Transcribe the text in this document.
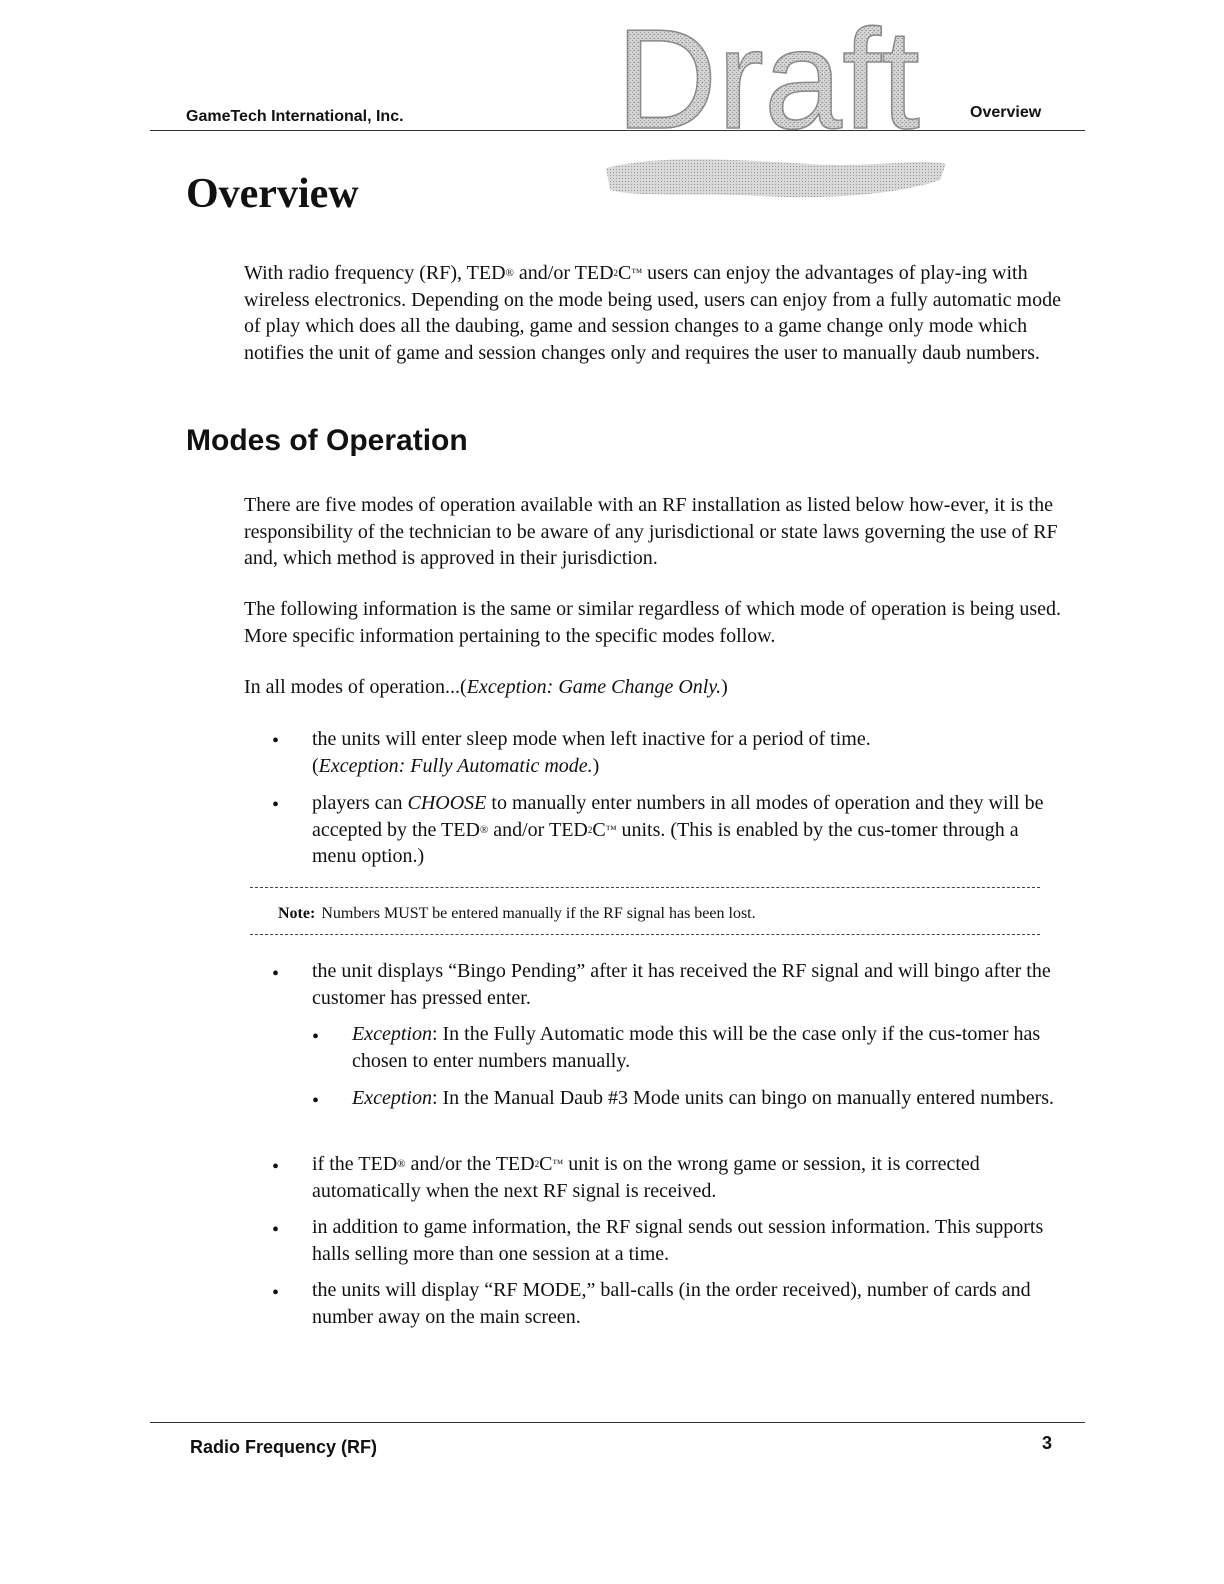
GameTech International, Inc.	Overview
Draft
Overview

With radio frequency (RF), TED® and/or TED$^2$C™ users can enjoy the advantages of play-ing with wireless electronics. Depending on the mode being used, users can enjoy from a fully automatic mode of play which does all the daubing, game and session changes to a game change only mode which notifies the unit of game and session changes only and requires the user to manually daub numbers.

Modes of Operation

There are five modes of operation available with an RF installation as listed below how-ever, it is the responsibility of the technician to be aware of any jurisdictional or state laws governing the use of RF and, which method is approved in their jurisdiction.

The following information is the same or similar regardless of which mode of operation is being used. More specific information pertaining to the specific modes follow.

In all modes of operation...(Exception: Game Change Only.)

• the units will enter sleep mode when left inactive for a period of time.
(Exception: Fully Automatic mode.)

• players can CHOOSE to manually enter numbers in all modes of operation and they will be accepted by the TED® and/or TED$^2$C™ units. (This is enabled by the cus-tomer through a menu option.)

Note: Numbers MUST be entered manually if the RF signal has been lost.
• the unit displays “Bingo Pending” after it has received the RF signal and will bingo after the customer has pressed enter.

• Exception: In the Fully Automatic mode this will be the case only if the cus-tomer has chosen to enter numbers manually.

• Exception: In the Manual Daub #3 Mode units can bingo on manually entered numbers.

• if the TED® and/or the TED$^2$C™ unit is on the wrong game or session, it is corrected automatically when the next RF signal is received.

• in addition to game information, the RF signal sends out session information. This supports halls selling more than one session at a time.

• the units will display “RF MODE,” ball-calls (in the order received), number of cards and number away on the main screen.

Radio Frequency (RF)	3
